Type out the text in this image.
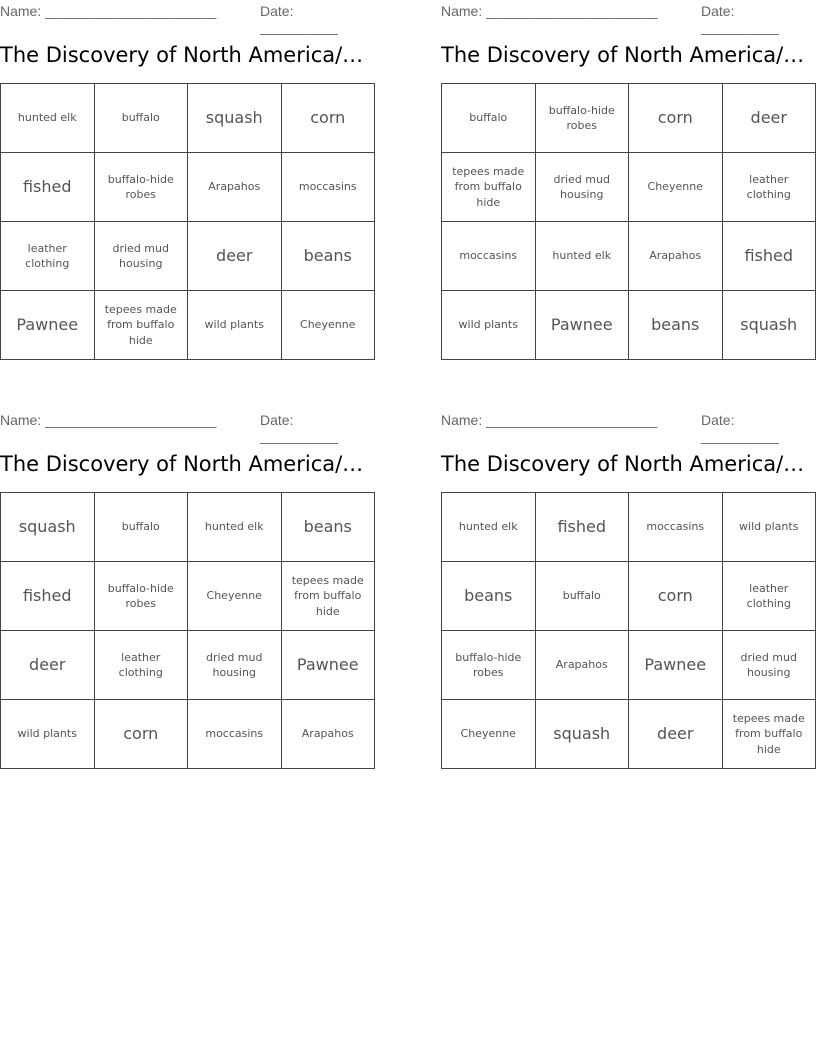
Name: ______________________	Date: __________
The Discovery of North America/…
hunted elk	buffalo	squash	corn
fished	buffalo-hide robes	Arapahos	moccasins
leather clothing	dried mud housing	deer	beans
Pawnee	tepees made from buffalo hide	wild plants	Cheyenne
Name: ______________________	Date: __________
The Discovery of North America/…
buffalo	buffalo-hide robes	corn	deer
tepees made from buffalo hide	dried mud housing	Cheyenne	leather clothing
moccasins	hunted elk	Arapahos	fished
wild plants	Pawnee	beans	squash
Name: ______________________	Date: __________
The Discovery of North America/…
squash	buffalo	hunted elk	beans
fished	buffalo-hide robes	Cheyenne	tepees made from buffalo hide
deer	leather clothing	dried mud housing	Pawnee
wild plants	corn	moccasins	Arapahos
Name: ______________________	Date: __________
The Discovery of North America/…
hunted elk	fished	moccasins	wild plants
beans	buffalo	corn	leather clothing
buffalo-hide robes	Arapahos	Pawnee	dried mud housing
Cheyenne	squash	deer	tepees made from buffalo hide
